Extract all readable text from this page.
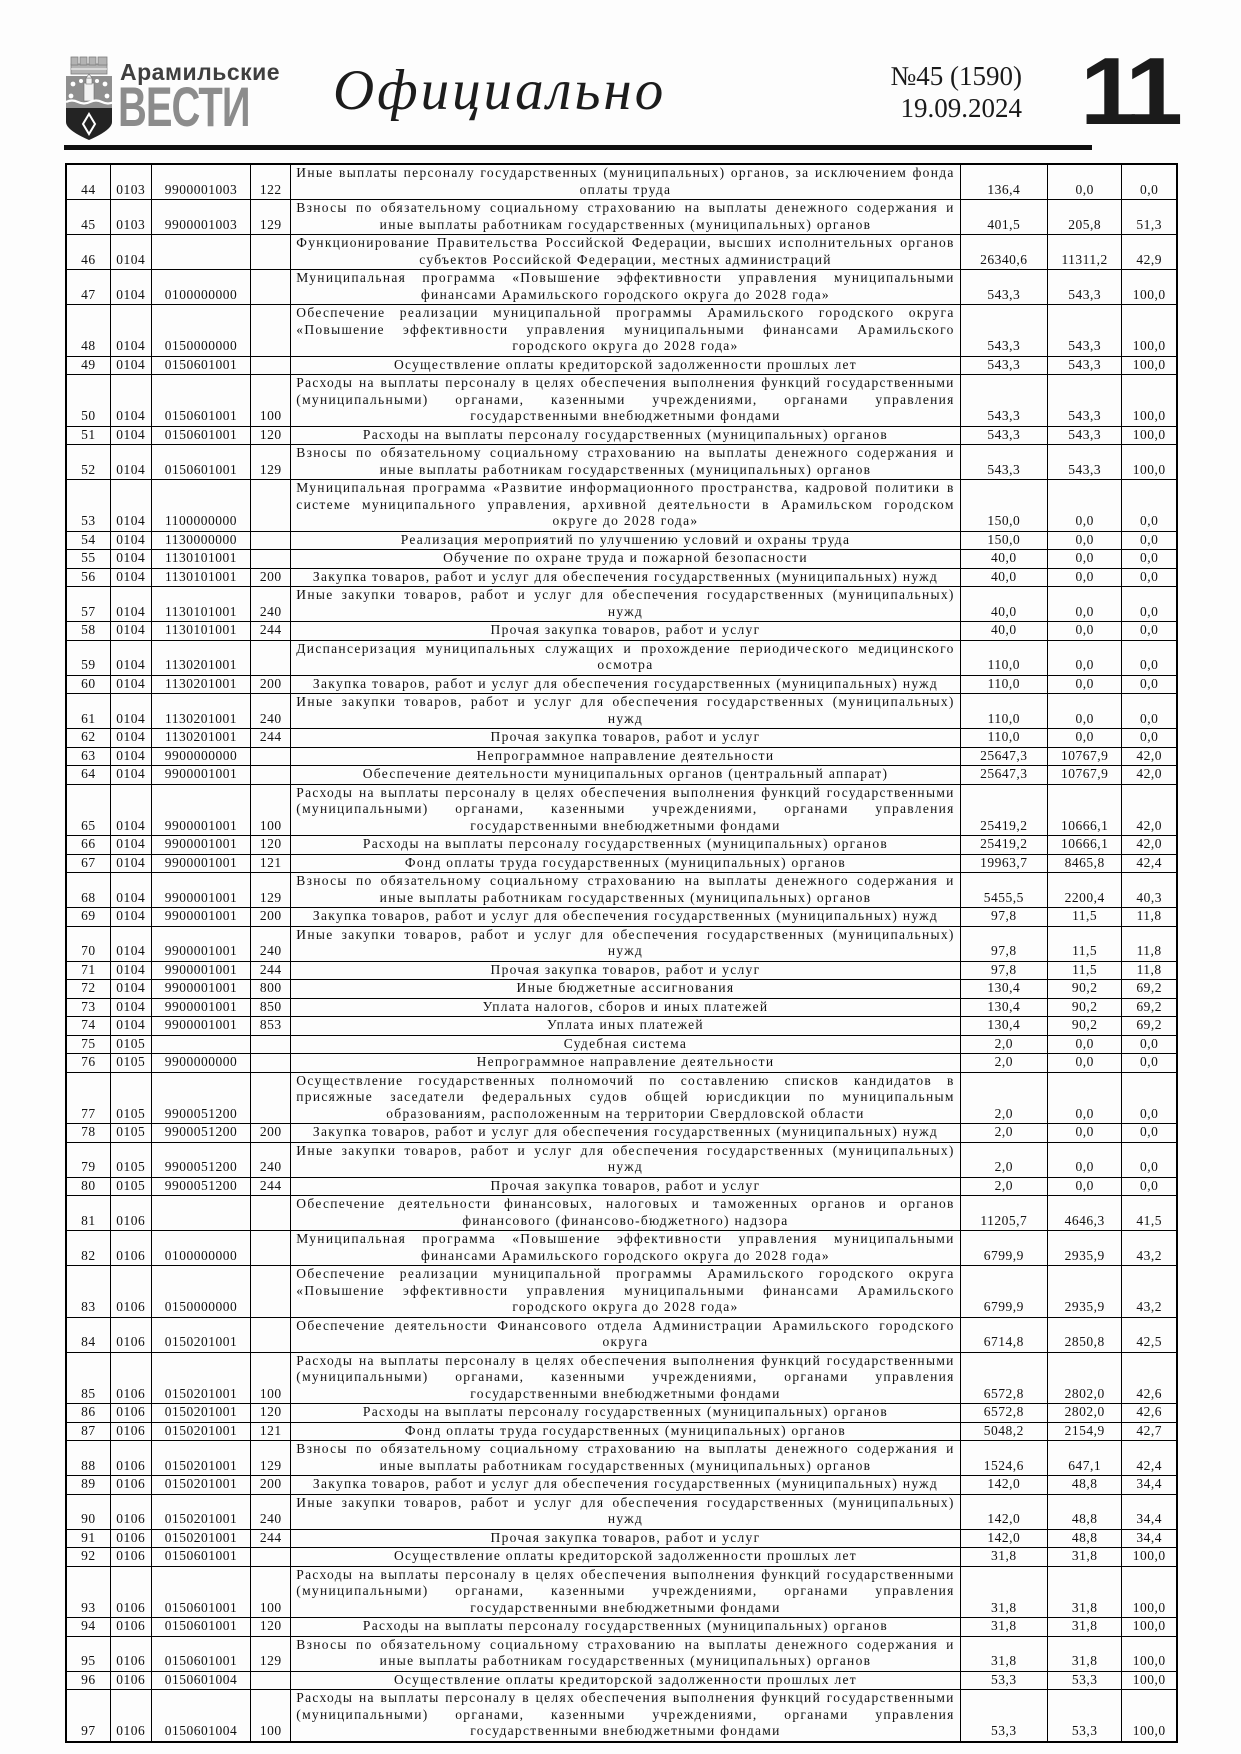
Арамильские
ВЕСТИ Официально	№45 (1590)
19.09.2024 11
44	0103	9900001003	122	Иные выплаты персоналу государственных (муниципальных) органов, за исключением фонда оплаты труда	136,4	0,0	0,0
45	0103	9900001003	129	Взносы по обязательному социальному страхованию на выплаты денежного содержания и иные выплаты работникам государственных (муниципальных) органов	401,5	205,8	51,3
46	0104			Функционирование Правительства Российской Федерации, высших исполнительных органов субъектов Российской Федерации, местных администраций	26340,6	11311,2	42,9
47	0104	0100000000		Муниципальная программа «Повышение эффективности управления муниципальными финансами Арамильского городского округа до 2028 года»	543,3	543,3	100,0
48	0104	0150000000		Обеспечение реализации муниципальной программы Арамильского городского округа «Повышение эффективности управления муниципальными финансами Арамильского городского округа до 2028 года»	543,3	543,3	100,0
49	0104	0150601001		Осуществление оплаты кредиторской задолженности прошлых лет	543,3	543,3	100,0
50	0104	0150601001	100	Расходы на выплаты персоналу в целях обеспечения выполнения функций государственными (муниципальными) органами, казенными учреждениями, органами управления государственными внебюджетными фондами	543,3	543,3	100,0
51	0104	0150601001	120	Расходы на выплаты персоналу государственных (муниципальных) органов	543,3	543,3	100,0
52	0104	0150601001	129	Взносы по обязательному социальному страхованию на выплаты денежного содержания и иные выплаты работникам государственных (муниципальных) органов	543,3	543,3	100,0
53	0104	1100000000		Муниципальная программа «Развитие информационного пространства, кадровой политики в системе муниципального управления, архивной деятельности в Арамильском городском округе до 2028 года»	150,0	0,0	0,0
54	0104	1130000000		Реализация мероприятий по улучшению условий и охраны труда	150,0	0,0	0,0
55	0104	1130101001		Обучение по охране труда и пожарной безопасности	40,0	0,0	0,0
56	0104	1130101001	200	Закупка товаров, работ и услуг для обеспечения государственных (муниципальных) нужд	40,0	0,0	0,0
57	0104	1130101001	240	Иные закупки товаров, работ и услуг для обеспечения государственных (муниципальных) нужд	40,0	0,0	0,0
58	0104	1130101001	244	Прочая закупка товаров, работ и услуг	40,0	0,0	0,0
59	0104	1130201001		Диспансеризация муниципальных служащих и прохождение периодического медицинского осмотра	110,0	0,0	0,0
60	0104	1130201001	200	Закупка товаров, работ и услуг для обеспечения государственных (муниципальных) нужд	110,0	0,0	0,0
61	0104	1130201001	240	Иные закупки товаров, работ и услуг для обеспечения государственных (муниципальных) нужд	110,0	0,0	0,0
62	0104	1130201001	244	Прочая закупка товаров, работ и услуг	110,0	0,0	0,0
63	0104	9900000000		Непрограммное направление деятельности	25647,3	10767,9	42,0
64	0104	9900001001		Обеспечение деятельности муниципальных органов (центральный аппарат)	25647,3	10767,9	42,0
65	0104	9900001001	100	Расходы на выплаты персоналу в целях обеспечения выполнения функций государственными (муниципальными) органами, казенными учреждениями, органами управления государственными внебюджетными фондами	25419,2	10666,1	42,0
66	0104	9900001001	120	Расходы на выплаты персоналу государственных (муниципальных) органов	25419,2	10666,1	42,0
67	0104	9900001001	121	Фонд оплаты труда государственных (муниципальных) органов	19963,7	8465,8	42,4
68	0104	9900001001	129	Взносы по обязательному социальному страхованию на выплаты денежного содержания и иные выплаты работникам государственных (муниципальных) органов	5455,5	2200,4	40,3
69	0104	9900001001	200	Закупка товаров, работ и услуг для обеспечения государственных (муниципальных) нужд	97,8	11,5	11,8
70	0104	9900001001	240	Иные закупки товаров, работ и услуг для обеспечения государственных (муниципальных) нужд	97,8	11,5	11,8
71	0104	9900001001	244	Прочая закупка товаров, работ и услуг	97,8	11,5	11,8
72	0104	9900001001	800	Иные бюджетные ассигнования	130,4	90,2	69,2
73	0104	9900001001	850	Уплата налогов, сборов и иных платежей	130,4	90,2	69,2
74	0104	9900001001	853	Уплата иных платежей	130,4	90,2	69,2
75	0105			Судебная система	2,0	0,0	0,0
76	0105	9900000000		Непрограммное направление деятельности	2,0	0,0	0,0
77	0105	9900051200		Осуществление государственных полномочий по составлению списков кандидатов в присяжные заседатели федеральных судов общей юрисдикции по муниципальным образованиям, расположенным на территории Свердловской области	2,0	0,0	0,0
78	0105	9900051200	200	Закупка товаров, работ и услуг для обеспечения государственных (муниципальных) нужд	2,0	0,0	0,0
79	0105	9900051200	240	Иные закупки товаров, работ и услуг для обеспечения государственных (муниципальных) нужд	2,0	0,0	0,0
80	0105	9900051200	244	Прочая закупка товаров, работ и услуг	2,0	0,0	0,0
81	0106			Обеспечение деятельности финансовых, налоговых и таможенных органов и органов финансового (финансово-бюджетного) надзора	11205,7	4646,3	41,5
82	0106	0100000000		Муниципальная программа «Повышение эффективности управления муниципальными финансами Арамильского городского округа до 2028 года»	6799,9	2935,9	43,2
83	0106	0150000000		Обеспечение реализации муниципальной программы Арамильского городского округа «Повышение эффективности управления муниципальными финансами Арамильского городского округа до 2028 года»	6799,9	2935,9	43,2
84	0106	0150201001		Обеспечение деятельности Финансового отдела Администрации Арамильского городского округа	6714,8	2850,8	42,5
85	0106	0150201001	100	Расходы на выплаты персоналу в целях обеспечения выполнения функций государственными (муниципальными) органами, казенными учреждениями, органами управления государственными внебюджетными фондами	6572,8	2802,0	42,6
86	0106	0150201001	120	Расходы на выплаты персоналу государственных (муниципальных) органов	6572,8	2802,0	42,6
87	0106	0150201001	121	Фонд оплаты труда государственных (муниципальных) органов	5048,2	2154,9	42,7
88	0106	0150201001	129	Взносы по обязательному социальному страхованию на выплаты денежного содержания и иные выплаты работникам государственных (муниципальных) органов	1524,6	647,1	42,4
89	0106	0150201001	200	Закупка товаров, работ и услуг для обеспечения государственных (муниципальных) нужд	142,0	48,8	34,4
90	0106	0150201001	240	Иные закупки товаров, работ и услуг для обеспечения государственных (муниципальных) нужд	142,0	48,8	34,4
91	0106	0150201001	244	Прочая закупка товаров, работ и услуг	142,0	48,8	34,4
92	0106	0150601001		Осуществление оплаты кредиторской задолженности прошлых лет	31,8	31,8	100,0
93	0106	0150601001	100	Расходы на выплаты персоналу в целях обеспечения выполнения функций государственными (муниципальными) органами, казенными учреждениями, органами управления государственными внебюджетными фондами	31,8	31,8	100,0
94	0106	0150601001	120	Расходы на выплаты персоналу государственных (муниципальных) органов	31,8	31,8	100,0
95	0106	0150601001	129	Взносы по обязательному социальному страхованию на выплаты денежного содержания и иные выплаты работникам государственных (муниципальных) органов	31,8	31,8	100,0
96	0106	0150601004		Осуществление оплаты кредиторской задолженности прошлых лет	53,3	53,3	100,0
97	0106	0150601004	100	Расходы на выплаты персоналу в целях обеспечения выполнения функций государственными (муниципальными) органами, казенными учреждениями, органами управления государственными внебюджетными фондами	53,3	53,3	100,0
